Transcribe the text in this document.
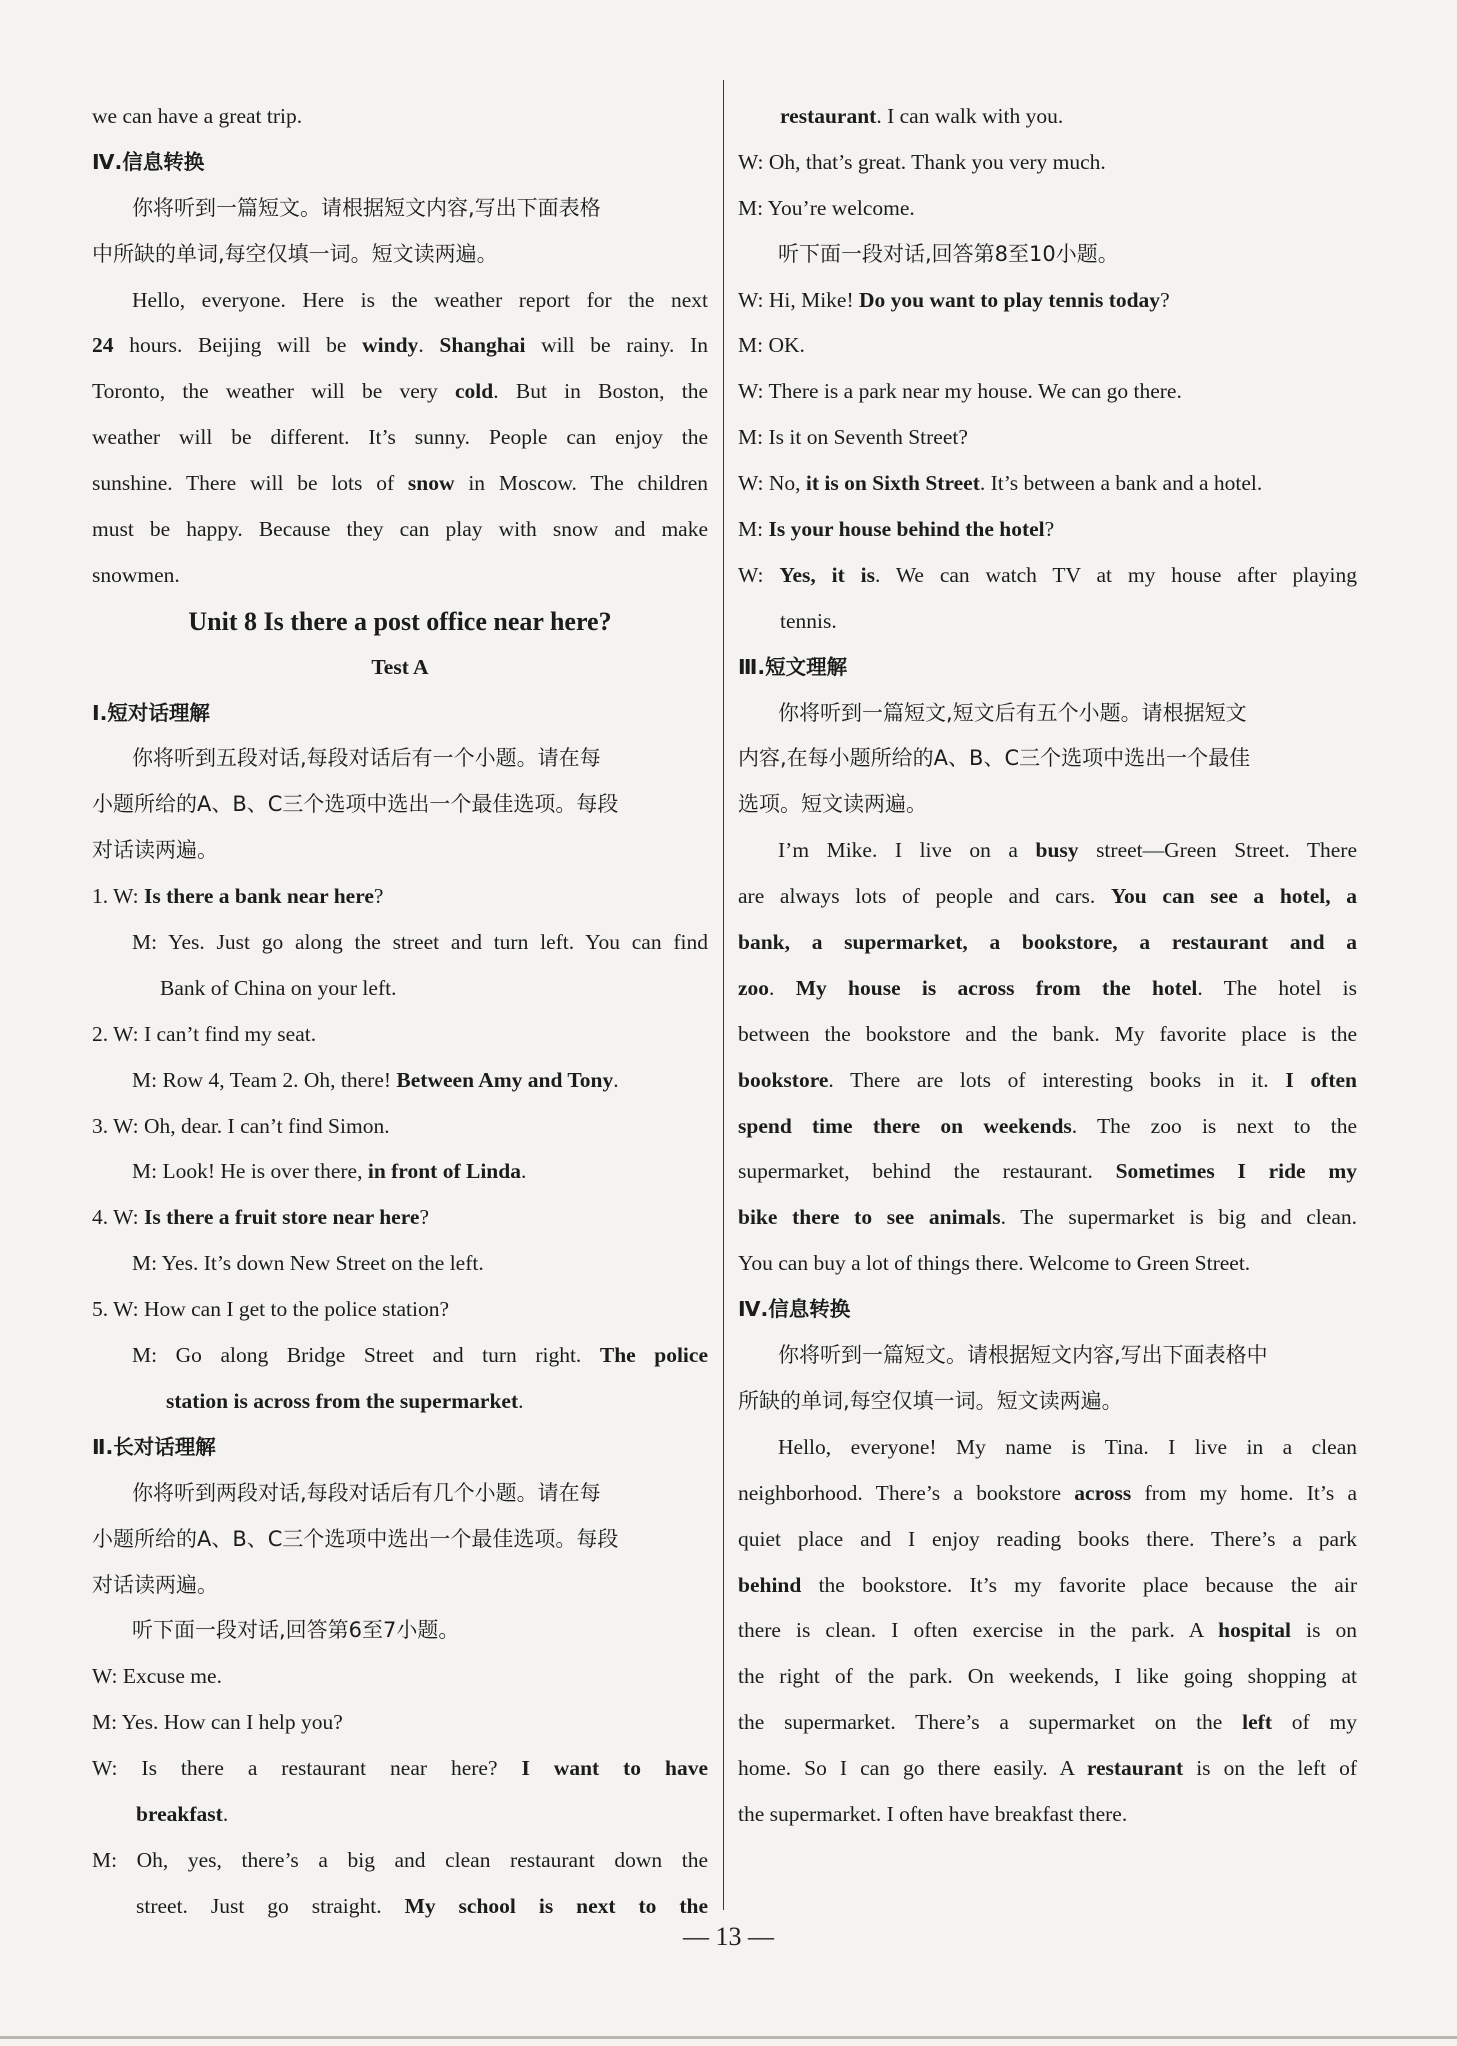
we can have a great trip.
Ⅳ.信息转换
你将听到一篇短文。请根据短文内容,写出下面表格
中所缺的单词,每空仅填一词。短文读两遍。
Hello, everyone. Here is the weather report for the next
24 hours. Beijing will be windy. Shanghai will be rainy. In
Toronto, the weather will be very cold. But in Boston, the
weather will be different. It’s sunny. People can enjoy the
sunshine. There will be lots of snow in Moscow. The children
must be happy. Because they can play with snow and make
snowmen.
Unit 8 Is there a post office near here?
Test A
Ⅰ.短对话理解
你将听到五段对话,每段对话后有一个小题。请在每
小题所给的A、B、C三个选项中选出一个最佳选项。每段
对话读两遍。
1. W: Is there a bank near here?
M: Yes. Just go along the street and turn left. You can find
Bank of China on your left.
2. W: I can’t find my seat.
M: Row 4, Team 2. Oh, there! Between Amy and Tony.
3. W: Oh, dear. I can’t find Simon.
M: Look! He is over there, in front of Linda.
4. W: Is there a fruit store near here?
M: Yes. It’s down New Street on the left.
5. W: How can I get to the police station?
M: Go along Bridge Street and turn right. The police
station is across from the supermarket.
Ⅱ.长对话理解
你将听到两段对话,每段对话后有几个小题。请在每
小题所给的A、B、C三个选项中选出一个最佳选项。每段
对话读两遍。
听下面一段对话,回答第6至7小题。
W: Excuse me.
M: Yes. How can I help you?
W: Is there a restaurant near here? I want to have
breakfast.
M: Oh, yes, there’s a big and clean restaurant down the
street. Just go straight. My school is next to the
restaurant. I can walk with you.
W: Oh, that’s great. Thank you very much.
M: You’re welcome.
听下面一段对话,回答第8至10小题。
W: Hi, Mike! Do you want to play tennis today?
M: OK.
W: There is a park near my house. We can go there.
M: Is it on Seventh Street?
W: No, it is on Sixth Street. It’s between a bank and a hotel.
M: Is your house behind the hotel?
W: Yes, it is. We can watch TV at my house after playing
tennis.
Ⅲ.短文理解
你将听到一篇短文,短文后有五个小题。请根据短文
内容,在每小题所给的A、B、C三个选项中选出一个最佳
选项。短文读两遍。
I’m Mike. I live on a busy street—Green Street. There
are always lots of people and cars. You can see a hotel, a
bank, a supermarket, a bookstore, a restaurant and a
zoo. My house is across from the hotel. The hotel is
between the bookstore and the bank. My favorite place is the
bookstore. There are lots of interesting books in it. I often
spend time there on weekends. The zoo is next to the
supermarket, behind the restaurant. Sometimes I ride my
bike there to see animals. The supermarket is big and clean.
You can buy a lot of things there. Welcome to Green Street.
Ⅳ.信息转换
你将听到一篇短文。请根据短文内容,写出下面表格中
所缺的单词,每空仅填一词。短文读两遍。
Hello, everyone! My name is Tina. I live in a clean
neighborhood. There’s a bookstore across from my home. It’s a
quiet place and I enjoy reading books there. There’s a park
behind the bookstore. It’s my favorite place because the air
there is clean. I often exercise in the park. A hospital is on
the right of the park. On weekends, I like going shopping at
the supermarket. There’s a supermarket on the left of my
home. So I can go there easily. A restaurant is on the left of
the supermarket. I often have breakfast there.
— 13 —
